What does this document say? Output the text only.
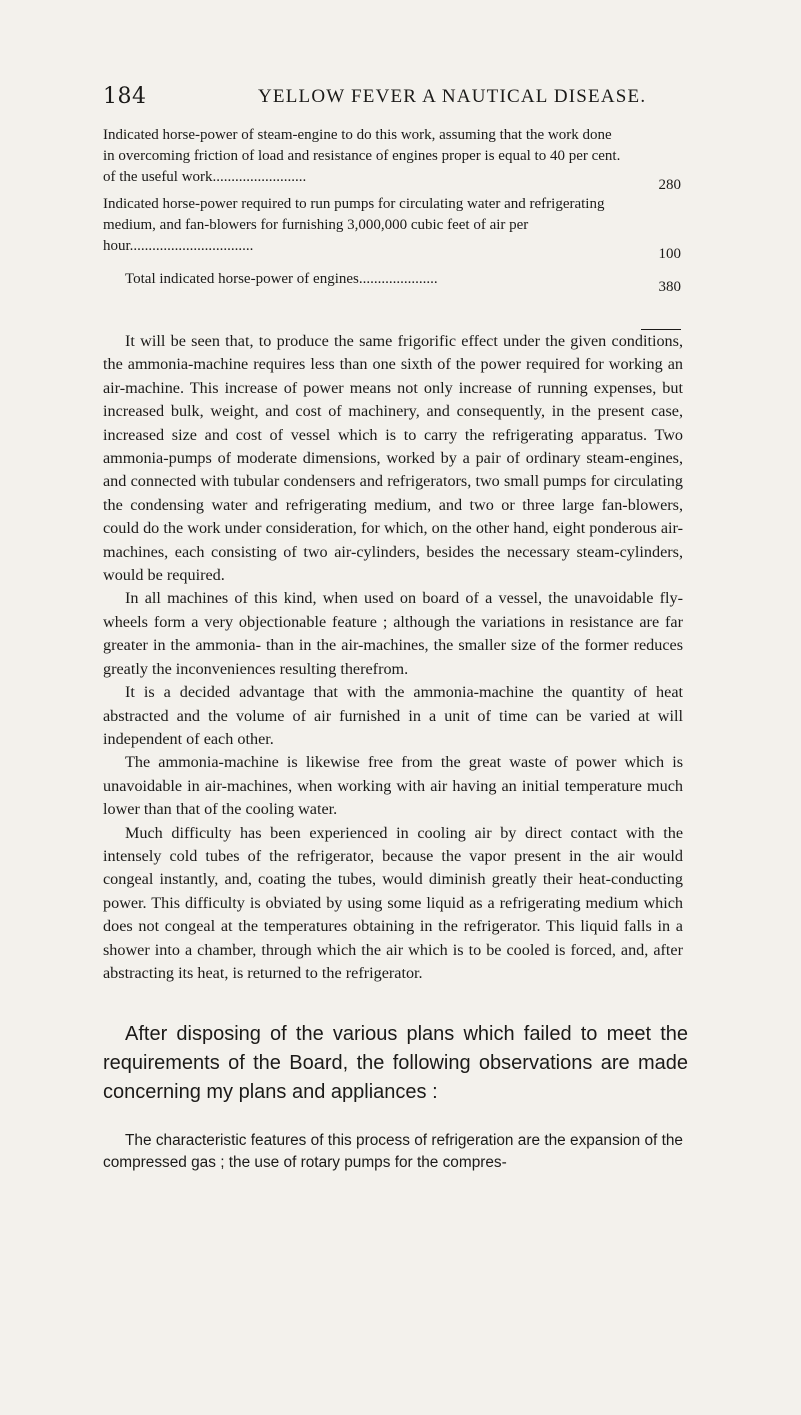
184	YELLOW FEVER A NAUTICAL DISEASE.
Indicated horse-power of steam-engine to do this work, assuming that the work done in overcoming friction of load and resistance of engines proper is equal to 40 per cent. of the useful work.........................	280
Indicated horse-power required to run pumps for circulating water and refrigerating medium, and fan-blowers for furnishing 3,000,000 cubic feet of air per hour.................................	100
Total indicated horse-power of engines.....................	380

It will be seen that, to produce the same frigorific effect under the given conditions, the ammonia-machine requires less than one sixth of the power required for working an air-machine. This increase of power means not only increase of running expenses, but increased bulk, weight, and cost of machinery, and consequently, in the present case, increased size and cost of vessel which is to carry the refrigerating apparatus. Two ammonia-pumps of moderate dimensions, worked by a pair of ordinary steam-engines, and connected with tubular condensers and refrigerators, two small pumps for circulating the condensing water and refrigerating medium, and two or three large fan-blowers, could do the work under consideration, for which, on the other hand, eight ponderous air-machines, each consisting of two air-cylinders, besides the necessary steam-cylinders, would be required.

In all machines of this kind, when used on board of a vessel, the unavoidable fly-wheels form a very objectionable feature ; although the variations in resistance are far greater in the ammonia- than in the air-machines, the smaller size of the former reduces greatly the inconveniences resulting therefrom.

It is a decided advantage that with the ammonia-machine the quantity of heat abstracted and the volume of air furnished in a unit of time can be varied at will independent of each other.

The ammonia-machine is likewise free from the great waste of power which is unavoidable in air-machines, when working with air having an initial temperature much lower than that of the cooling water.

Much difficulty has been experienced in cooling air by direct contact with the intensely cold tubes of the refrigerator, because the vapor present in the air would congeal instantly, and, coating the tubes, would diminish greatly their heat-conducting power. This difficulty is obviated by using some liquid as a refrigerating medium which does not congeal at the temperatures obtaining in the refrigerator. This liquid falls in a shower into a chamber, through which the air which is to be cooled is forced, and, after abstracting its heat, is returned to the refrigerator.

After disposing of the various plans which failed to meet the requirements of the Board, the following observations are made concerning my plans and appliances :

The characteristic features of this process of refrigeration are the expansion of the compressed gas ; the use of rotary pumps for the compres-
